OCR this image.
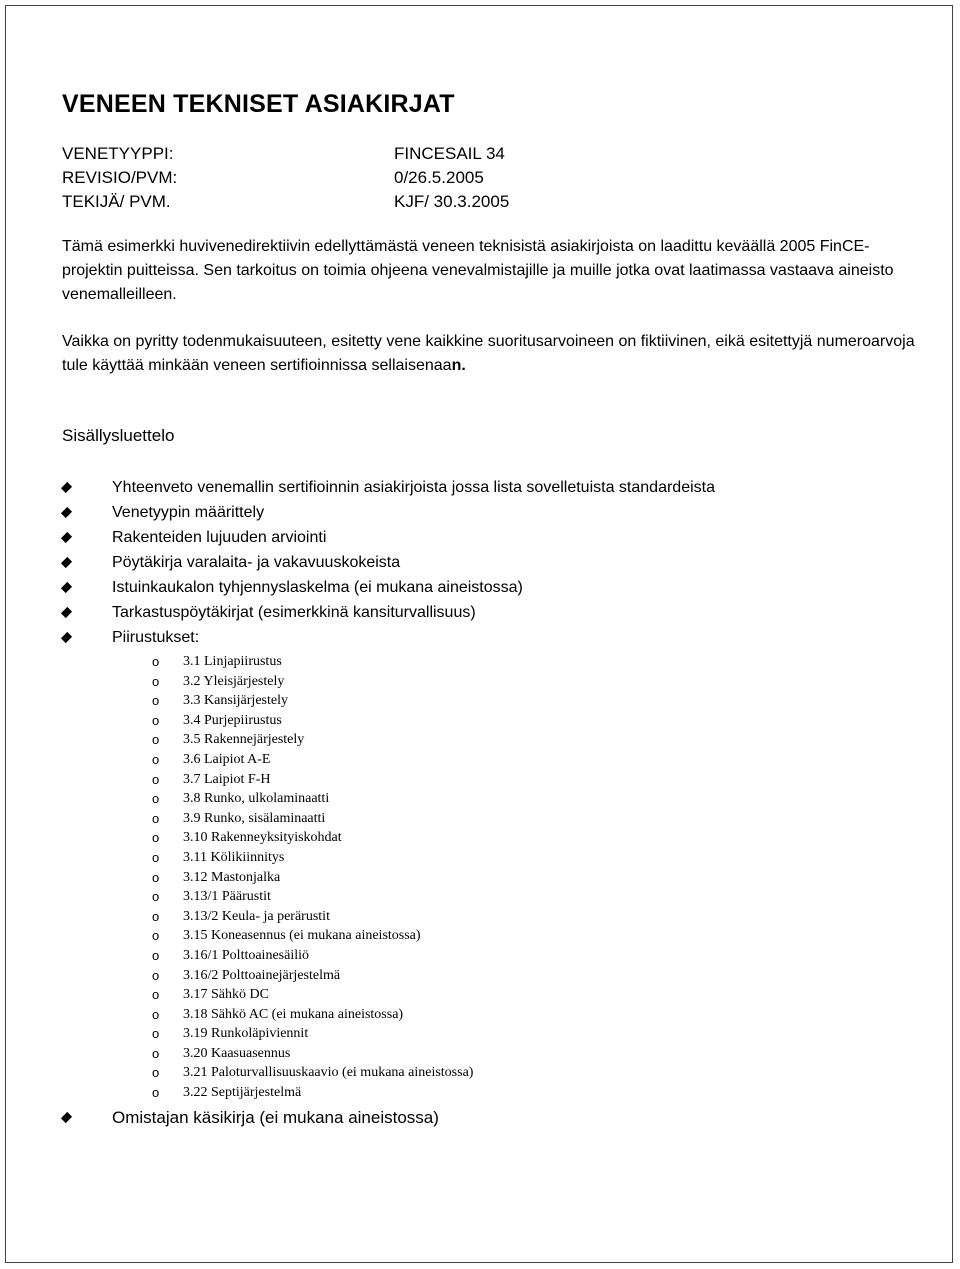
VENEEN TEKNISET ASIAKIRJAT
VENETYYPPI:	FINCESAIL 34
REVISIO/PVM:	0/26.5.2005
TEKIJÄ/ PVM.	KJF/ 30.3.2005

Tämä esimerkki huvivenedirektiivin edellyttämästä veneen teknisistä asiakirjoista on laadittu keväällä 2005 FinCE-projektin puitteissa. Sen tarkoitus on toimia ohjeena venevalmistajille ja muille jotka ovat laatimassa vastaava aineisto venemalleilleen.

Vaikka on pyritty todenmukaisuuteen, esitetty vene kaikkine suoritusarvoineen on fiktiivinen, eikä esitettyjä numeroarvoja tule käyttää minkään veneen sertifioinnissa sellaisenaan.

Sisällysluettelo
Yhteenveto venemallin sertifioinnin asiakirjoista jossa lista sovelletuista standardeista
Venetyypin määrittely
Rakenteiden lujuuden arviointi
Pöytäkirja varalaita- ja vakavuuskokeista
Istuinkaukalon tyhjennyslaskelma (ei mukana aineistossa)
Tarkastuspöytäkirjat (esimerkkinä kansiturvallisuus)
Piirustukset:
o 3.1 Linjapiirustus
o 3.2 Yleisjärjestely
o 3.3 Kansijärjestely
o 3.4 Purjepiirustus
o 3.5 Rakennejärjestely
o 3.6 Laipiot A-E
o 3.7 Laipiot F-H
o 3.8 Runko, ulkolaminaatti
o 3.9 Runko, sisälaminaatti
o 3.10 Rakenneyksityiskohdat
o 3.11 Kölikiinnitys
o 3.12 Mastonjalka
o 3.13/1 Päärustit
o 3.13/2 Keula- ja perärustit
o 3.15 Koneasennus (ei mukana aineistossa)
o 3.16/1 Polttoainesäiliö
o 3.16/2 Polttoainejärjestelmä
o 3.17 Sähkö DC
o 3.18 Sähkö AC (ei mukana aineistossa)
o 3.19 Runkoläpiviennit
o 3.20 Kaasuasennus
o 3.21 Paloturvallisuuskaavio (ei mukana aineistossa)
o 3.22 Septijärjestelmä
Omistajan käsikirja (ei mukana aineistossa)
